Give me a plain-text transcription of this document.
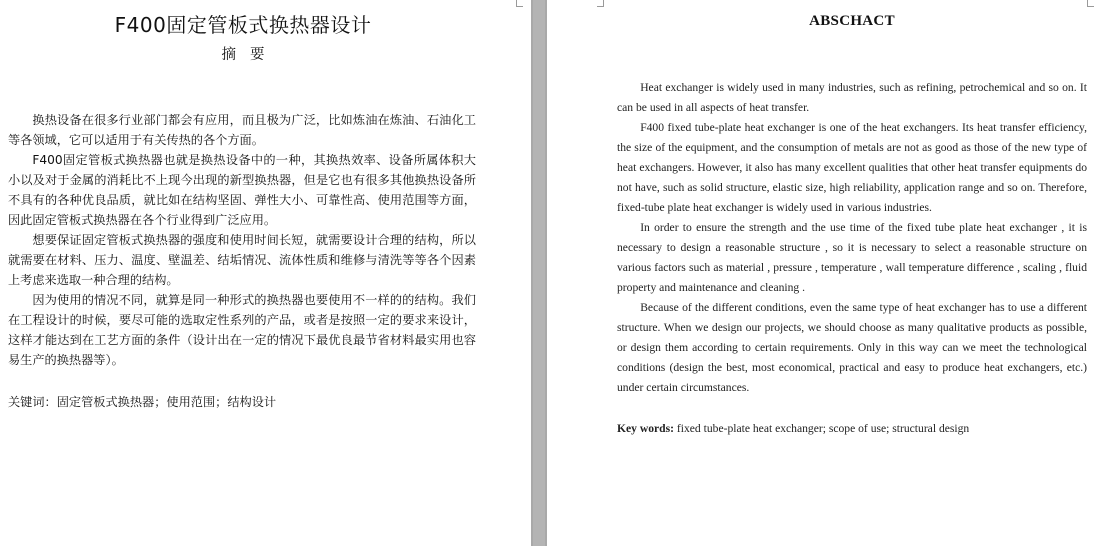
F400固定管板式换热器设计
摘要

换热设备在很多行业部门都会有应用，而且极为广泛，比如炼油在炼油、石油化工等各领域，它可以适用于有关传热的各个方面。

F400固定管板式换热器也就是换热设备中的一种，其换热效率、设备所属体积大小以及对于金属的消耗比不上现今出现的新型换热器，但是它也有很多其他换热设备所不具有的各种优良品质，就比如在结构坚固、弹性大小、可靠性高、使用范围等方面，因此固定管板式换热器在各个行业得到广泛应用。

想要保证固定管板式换热器的强度和使用时间长短，就需要设计合理的结构，所以就需要在材料、压力、温度、壁温差、结垢情况、流体性质和维修与清洗等等各个因素上考虑来选取一种合理的结构。

因为使用的情况不同，就算是同一种形式的换热器也要使用不一样的的结构。我们在工程设计的时候，要尽可能的选取定性系列的产品，或者是按照一定的要求来设计，这样才能达到在工艺方面的条件（设计出在一定的情况下最优良最节省材料最实用也容易生产的换热器等）。

关键词：固定管板式换热器；使用范围；结构设计
ABSCHACT

Heat exchanger is widely used in many industries, such as refining, petrochemical and so on. It can be used in all aspects of heat transfer.

F400 fixed tube-plate heat exchanger is one of the heat exchangers. Its heat transfer efficiency, the size of the equipment, and the consumption of metals are not as good as those of the new type of heat exchangers. However, it also has many excellent qualities that other heat transfer equipments do not have, such as solid structure, elastic size, high reliability, application range and so on. Therefore, fixed-tube plate heat exchanger is widely used in various industries.

In order to ensure the strength and the use time of the fixed tube plate heat exchanger , it is necessary to design a reasonable structure , so it is necessary to select a reasonable structure on various factors such as material , pressure , temperature , wall temperature difference , scaling , fluid property and maintenance and cleaning .

Because of the different conditions, even the same type of heat exchanger has to use a different structure. When we design our projects, we should choose as many qualitative products as possible, or design them according to certain requirements. Only in this way can we meet the technological conditions (design the best, most economical, practical and easy to produce heat exchangers, etc.) under certain circumstances.

Key words: fixed tube-plate heat exchanger; scope of use; structural design
